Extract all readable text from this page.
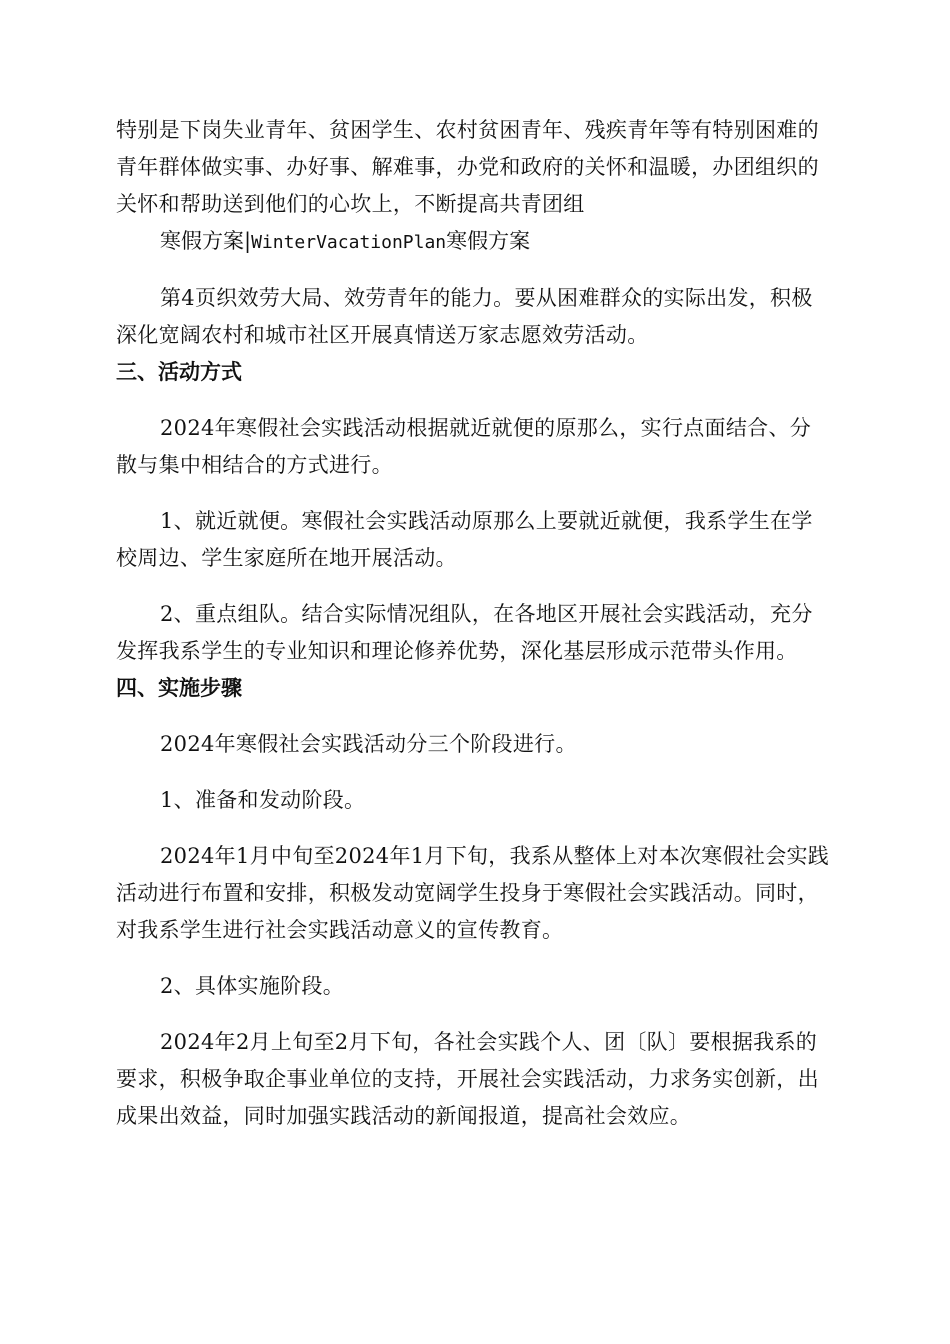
特别是下岗失业青年、贫困学生、农村贫困青年、残疾青年等有特别困难的青年群体做实事、办好事、解难事，办党和政府的关怀和温暖，办团组织的关怀和帮助送到他们的心坎上，不断提高共青团组

寒假方案|WinterVacationPlan寒假方案

第4页织效劳大局、效劳青年的能力。要从困难群众的实际出发，积极深化宽阔农村和城市社区开展真情送万家志愿效劳活动。

三、活动方式

2024年寒假社会实践活动根据就近就便的原那么，实行点面结合、分散与集中相结合的方式进行。

1、就近就便。寒假社会实践活动原那么上要就近就便，我系学生在学校周边、学生家庭所在地开展活动。

2、重点组队。结合实际情况组队，在各地区开展社会实践活动，充分发挥我系学生的专业知识和理论修养优势，深化基层形成示范带头作用。

四、实施步骤

2024年寒假社会实践活动分三个阶段进行。

1、准备和发动阶段。

2024年1月中旬至2024年1月下旬，我系从整体上对本次寒假社会实践活动进行布置和安排，积极发动宽阔学生投身于寒假社会实践活动。同时，对我系学生进行社会实践活动意义的宣传教育。

2、具体实施阶段。

2024年2月上旬至2月下旬，各社会实践个人、团〔队〕要根据我系的要求，积极争取企事业单位的支持，开展社会实践活动，力求务实创新，出成果出效益，同时加强实践活动的新闻报道，提高社会效应。
